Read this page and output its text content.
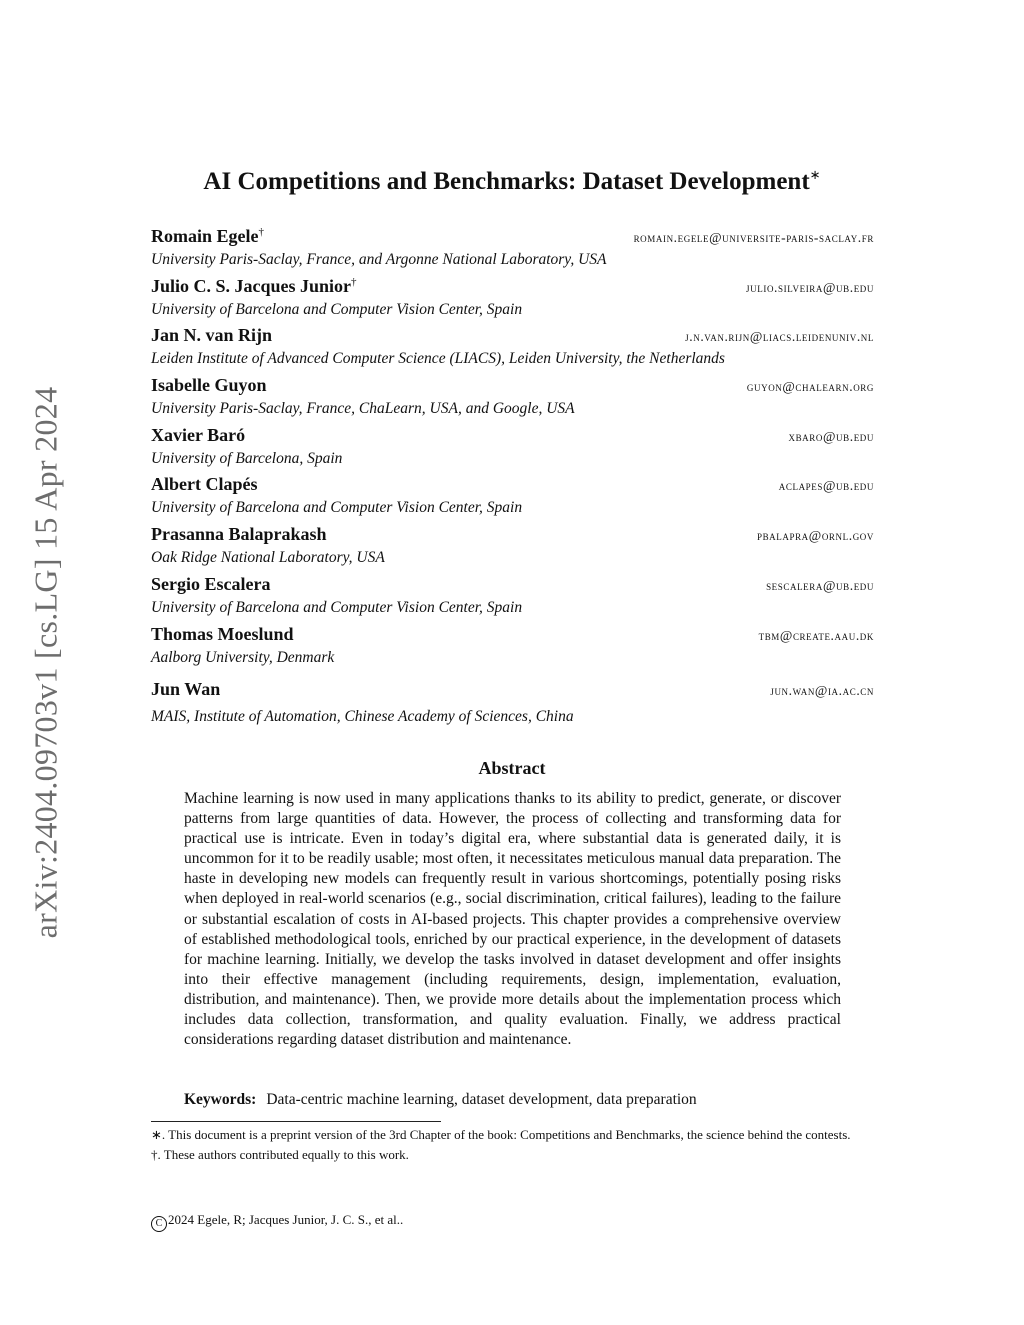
arXiv:2404.09703v1 [cs.LG] 15 Apr 2024
AI Competitions and Benchmarks: Dataset Development∗
Romain Egele†	romain.egele@universite-paris-saclay.fr
University Paris-Saclay, France, and Argonne National Laboratory, USA
Julio C. S. Jacques Junior†	julio.silveira@ub.edu
University of Barcelona and Computer Vision Center, Spain
Jan N. van Rijn	j.n.van.rijn@liacs.leidenuniv.nl
Leiden Institute of Advanced Computer Science (LIACS), Leiden University, the Netherlands
Isabelle Guyon	guyon@chalearn.org
University Paris-Saclay, France, ChaLearn, USA, and Google, USA
Xavier Baró	xbaro@ub.edu
University of Barcelona, Spain
Albert Clapés	aclapes@ub.edu
University of Barcelona and Computer Vision Center, Spain
Prasanna Balaprakash	pbalapra@ornl.gov
Oak Ridge National Laboratory, USA
Sergio Escalera	sescalera@ub.edu
University of Barcelona and Computer Vision Center, Spain
Thomas Moeslund	tbm@create.aau.dk
Aalborg University, Denmark
Jun Wan	jun.wan@ia.ac.cn
MAIS, Institute of Automation, Chinese Academy of Sciences, China
Abstract
Machine learning is now used in many applications thanks to its ability to predict, generate, or discover patterns from large quantities of data. However, the process of collecting and transforming data for practical use is intricate. Even in today’s digital era, where substantial data is generated daily, it is uncommon for it to be readily usable; most often, it necessitates meticulous manual data preparation. The haste in developing new models can frequently result in various shortcomings, potentially posing risks when deployed in real-world scenarios (e.g., social discrimination, critical failures), leading to the failure or substantial escalation of costs in AI-based projects. This chapter provides a comprehensive overview of established methodological tools, enriched by our practical experience, in the development of datasets for machine learning. Initially, we develop the tasks involved in dataset development and offer insights into their effective management (including requirements, design, implementation, evaluation, distribution, and maintenance). Then, we provide more details about the implementation process which includes data collection, transformation, and quality evaluation. Finally, we address practical considerations regarding dataset distribution and maintenance.
Keywords: Data-centric machine learning, dataset development, data preparation
∗. This document is a preprint version of the 3rd Chapter of the book: Competitions and Benchmarks, the science behind the contests.
†. These authors contributed equally to this work.
C 2024 Egele, R; Jacques Junior, J. C. S., et al..
